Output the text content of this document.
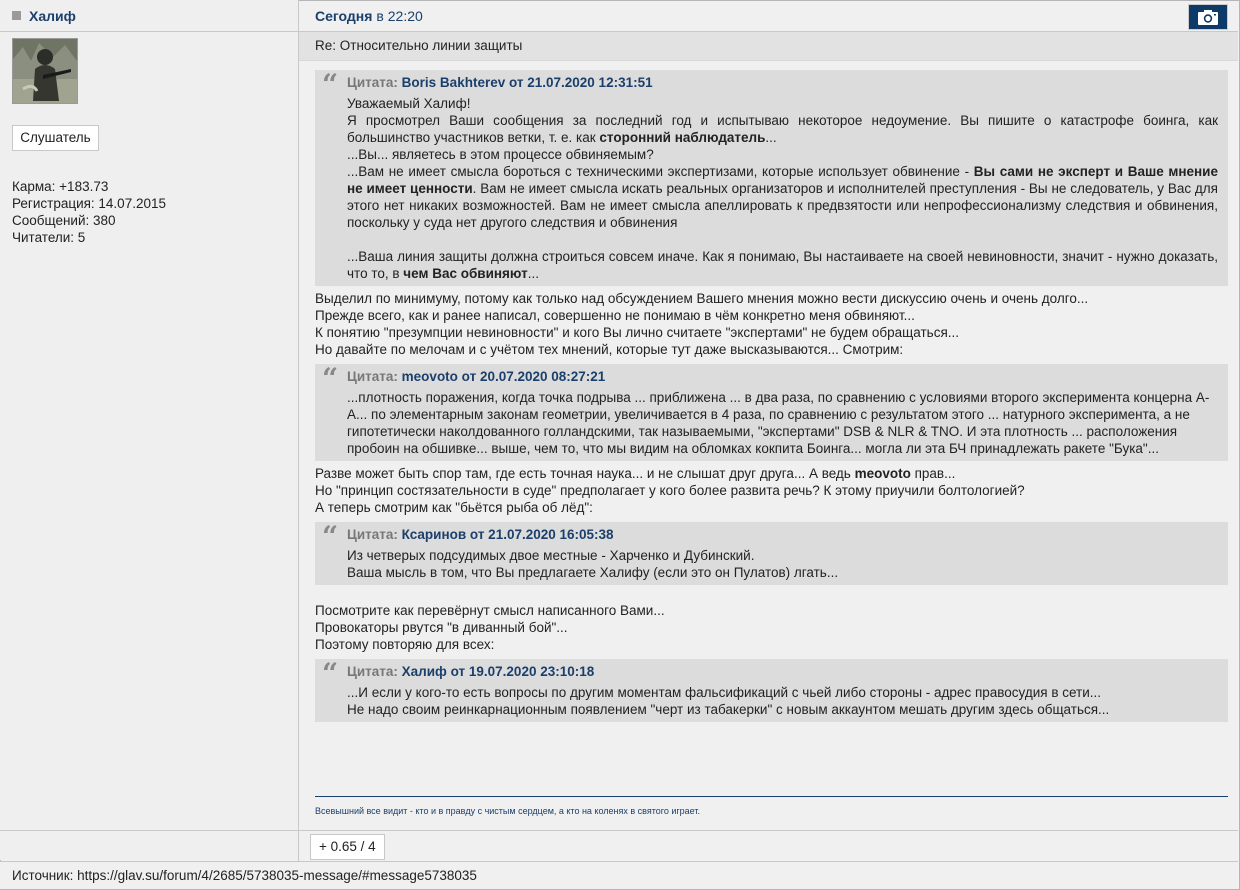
Халиф
Слушатель
Карма: +183.73
Регистрация: 14.07.2015
Сообщений: 380
Читатели: 5
Сегодня в 22:20
Re: Относительно линии защиты
“ Цитата: Boris Bakhterev от 21.07.2020 12:31:51

Уважаемый Халиф!

Я просмотрел Ваши сообщения за последний год и испытываю некоторое недоумение. Вы пишите о катастрофе боинга, как большинство участников ветки, т. е. как сторонний наблюдатель...

...Вы... являетесь в этом процессе обвиняемым?

...Вам не имеет смысла бороться с техническими экспертизами, которые использует обвинение - Вы сами не эксперт и Ваше мнение не имеет ценности. Вам не имеет смысла искать реальных организаторов и исполнителей преступления - Вы не следователь, у Вас для этого нет никаких возможностей. Вам не имеет смысла апеллировать к предвзятости или непрофессионализму следствия и обвинения, поскольку у суда нет другого следствия и обвинения

...Ваша линия защиты должна строиться совсем иначе. Как я понимаю, Вы настаиваете на своей невиновности, значит - нужно доказать, что то, в чем Вас обвиняют...

Выделил по минимуму, потому как только над обсуждением Вашего мнения можно вести дискуссию очень и очень долго...

Прежде всего, как и ранее написал, совершенно не понимаю в чём конкретно меня обвиняют...

К понятию "презумпции невиновности" и кого Вы лично считаете "экспертами" не будем обращаться...

Но давайте по мелочам и с учётом тех мнений, которые тут даже высказываются... Смотрим:

“ Цитата: meovoto от 20.07.2020 08:27:21

...плотность поражения, когда точка подрыва ... приближена ... в два раза, по сравнению с условиями второго эксперимента концерна А-А... по элементарным законам геометрии, увеличивается в 4 раза, по сравнению с результатом этого ... натурного эксперимента, а не гипотетически наколдованного голландскими, так называемыми, "экспертами" DSB & NLR & TNO. И эта плотность ... расположения пробоин на обшивке... выше, чем то, что мы видим на обломках кокпита Боинга... могла ли эта БЧ принадлежать ракете "Бука"...

Разве может быть спор там, где есть точная наука... и не слышат друг друга... А ведь meovoto прав...

Но "принцип состязательности в суде" предполагает у кого более развита речь? К этому приучили болтологией?

А теперь смотрим как "бьётся рыба об лёд":

“ Цитата: Ксаринов от 21.07.2020 16:05:38

Из четверых подсудимых двое местные - Харченко и Дубинский.

Ваша мысль в том, что Вы предлагаете Халифу (если это он Пулатов) лгать...

Посмотрите как перевёрнут смысл написанного Вами...

Провокаторы рвутся "в диванный бой"...

Поэтому повторяю для всех:

“ Цитата: Халиф от 19.07.2020 23:10:18

...И если у кого-то есть вопросы по другим моментам фальсификаций с чьей либо стороны - адрес правосудия в сети...

Не надо своим реинкарнационным появлением "черт из табакерки" с новым аккаунтом мешать другим здесь общаться...

Всевышний все видит - кто и в правду с чистым сердцем, а кто на коленях в святого играет.
+ 0.65 / 4
Источник: https://glav.su/forum/4/2685/5738035-message/#message5738035
